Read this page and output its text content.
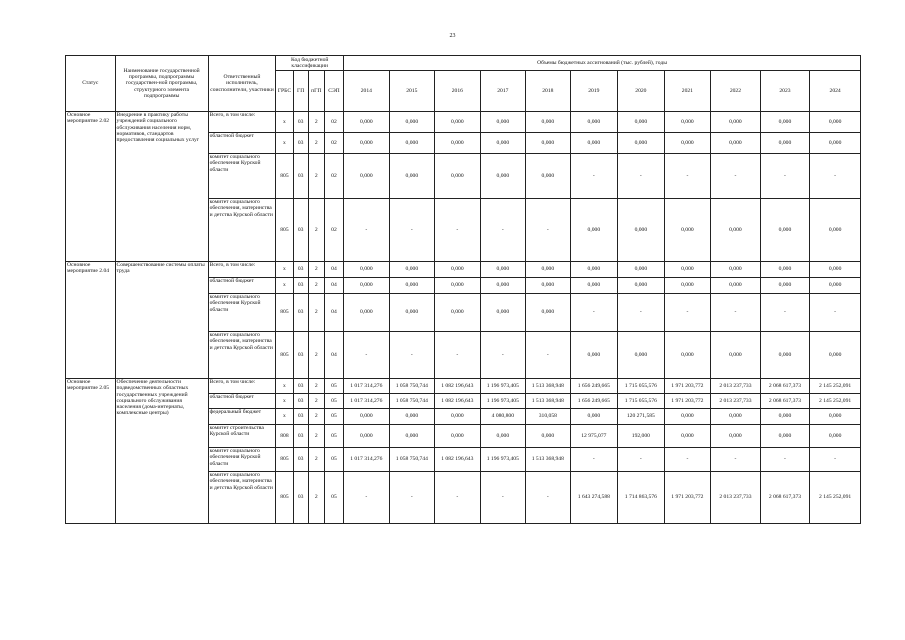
23
Статус	Наименование государственной программы, подпрограммы государствен-ной программы, структурного элемента подпрограммы	Ответственный исполнитель, соисполнители, участники	Код бюджетной классификации				Объемы бюджетных ассигнований (тыс. рублей), годы										
			ГРБС	ГП	пГП	СЭП	2014	2015	2016	2017	2018	2019	2020	2021	2022	2023	2024
Основное мероприятие 2.02	Внедрение в практику работы учреждений социального обслуживания населения норм, нормативов, стандартов предоставления социальных услуг	Всего, в том числе:	х	03	2	02	0,000	0,000	0,000	0,000	0,000	0,000	0,000	0,000	0,000	0,000	0,000
		областной бюджет	х	03	2	02	0,000	0,000	0,000	0,000	0,000	0,000	0,000	0,000	0,000	0,000	0,000
		комитет социального обеспечения Курской области	805	03	2	02	0,000	0,000	0,000	0,000	0,000	-	-	-	-	-	-
		комитет социального обеспечения, материнства и детства Курской области	805	03	2	02	-	-	-	-	-	0,000	0,000	0,000	0,000	0,000	0,000
Основное мероприятие 2.04	Совершенствование системы оплаты труда	Всего, в том числе:	х	03	2	04	0,000	0,000	0,000	0,000	0,000	0,000	0,000	0,000	0,000	0,000	0,000
		областной бюджет	х	03	2	04	0,000	0,000	0,000	0,000	0,000	0,000	0,000	0,000	0,000	0,000	0,000
		комитет социального обеспечения Курской области	805	03	2	04	0,000	0,000	0,000	0,000	0,000	-	-	-	-	-	-
		комитет социального обеспечения, материнства и детства Курской области	805	03	2	04	-	-	-	-	-	0,000	0,000	0,000	0,000	0,000	0,000
Основное мероприятие 2.05	Обеспечение деятельности подведомственных областных государственных учреждений социального обслуживания населения (дома-интернаты, комплексные центры)	Всего, в том числе:	х	03	2	05	1 017 314,276	1 058 750,744	1 082 196,643	1 196 973,405	1 513 368,948	1 656 249,665	1 715 055,576	1 971 203,772	2 013 237,733	2 068 617,373	2 145 252,091
		областной бюджет	х	03	2	05	1 017 314,276	1 058 750,744	1 082 196,643	1 196 973,405	1 513 368,948	1 656 249,665	1 715 055,576	1 971 203,772	2 013 237,733	2 068 617,373	2 145 252,091
		федеральный бюджет	х	03	2	05	0,000	0,000	0,000	4 080,800	310,058	0,000	120 271,585	0,000	0,000	0,000	0,000
		комитет строительства Курской области	808	03	2	05	0,000	0,000	0,000	0,000	0,000	12 975,077	192,000	0,000	0,000	0,000	0,000
		комитет социального обеспечения Курской области	805	03	2	05	1 017 314,276	1 058 750,744	1 082 196,643	1 196 973,405	1 513 368,948	-	-	-	-	-	-
		комитет социального обеспечения, материнства и детства Курской области	805	03	2	05	-	-	-	-	-	1 643 274,588	1 714 863,576	1 971 203,772	2 013 237,733	2 068 617,373	2 145 252,091
